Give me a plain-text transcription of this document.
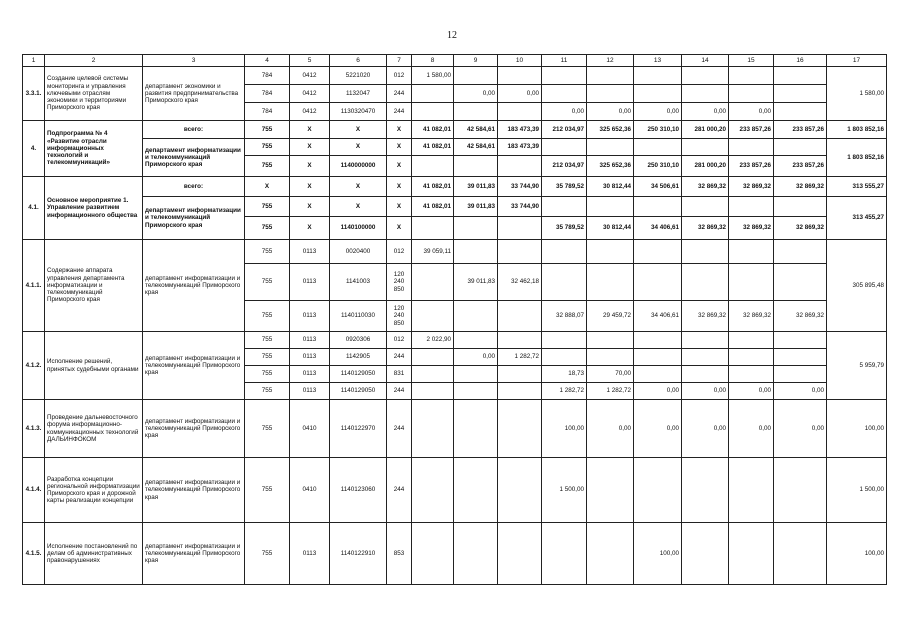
12
1	2	3	4	5	6	7	8	9	10	11	12	13	14	15	16	17
3.3.1.	Создание целевой системы мониторинга и управления ключевыми отраслям экономики и территориями Приморского края	департамент экономики и развития предпринимательства Приморского края	784	0412	5221020	012	1 580,00									1 580,00
			784	0412	1132047	244		0,00	0,00							
			784	0412	1130320470	244				0,00	0,00	0,00	0,00	0,00		
4.	Подпрограмма № 4 «Развитие отрасли информационных технологий и телекоммуникаций»	всего:	755	X	X	X	41 082,01	42 584,61	183 473,39	212 034,97	325 652,36	250 310,10	281 000,20	233 857,26	233 857,26	1 803 852,16
		департамент информатизации и телекоммуникаций Приморского края	755	X	X	X	41 082,01	42 584,61	183 473,39							1 803 852,16
			755	X	1140000000	X				212 034,97	325 652,36	250 310,10	281 000,20	233 857,26	233 857,26	
4.1.	Основное мероприятие 1. Управление развитием информационного общества	всего:	X	X	X	X	41 082,01	39 011,83	33 744,90	35 789,52	30 812,44	34 506,61	32 869,32	32 869,32	32 869,32	313 555,27
		департамент информатизации и телекоммуникаций Приморского края	755	X	X	X	41 082,01	39 011,83	33 744,90							313 455,27
			755	X	1140100000	X				35 789,52	30 812,44	34 406,61	32 869,32	32 869,32	32 869,32	
4.1.1.	Содержание аппарата управления департамента информатизации и телекоммуникаций Приморского края	департамент информатизации и телекоммуникаций Приморского края	755	0113	0020400	012	39 059,11									305 895,48
			755	0113	1141003	120
240
850		39 011,83	32 462,18							
			755	0113	1140110030	120
240
850				32 888,07	29 459,72	34 406,61	32 869,32	32 869,32	32 869,32	
4.1.2.	Исполнение решений, принятых судебными органами	департамент информатизации и телекоммуникаций Приморского края	755	0113	0920306	012	2 022,90									5 959,79
			755	0113	1142905	244		0,00	1 282,72							
			755	0113	1140129050	831				18,73	70,00					
			755	0113	1140129050	244				1 282,72	1 282,72	0,00	0,00	0,00	0,00	
4.1.3.	Проведение дальневосточного форума информационно-коммуникационных технологий ДАЛЬИНФОКОМ	департамент информатизации и телекоммуникаций Приморского края	755	0410	1140122970	244				100,00	0,00	0,00	0,00	0,00	0,00	100,00
4.1.4.	Разработка концепции региональной информатизации Приморского края и дорожной карты реализации концепции	департамент информатизации и телекоммуникаций Приморского края	755	0410	1140123060	244				1 500,00						1 500,00
4.1.5.	Исполнение постановлений по делам об административных правонарушениях	департамент информатизации и телекоммуникаций Приморского края	755	0113	1140122910	853						100,00				100,00
